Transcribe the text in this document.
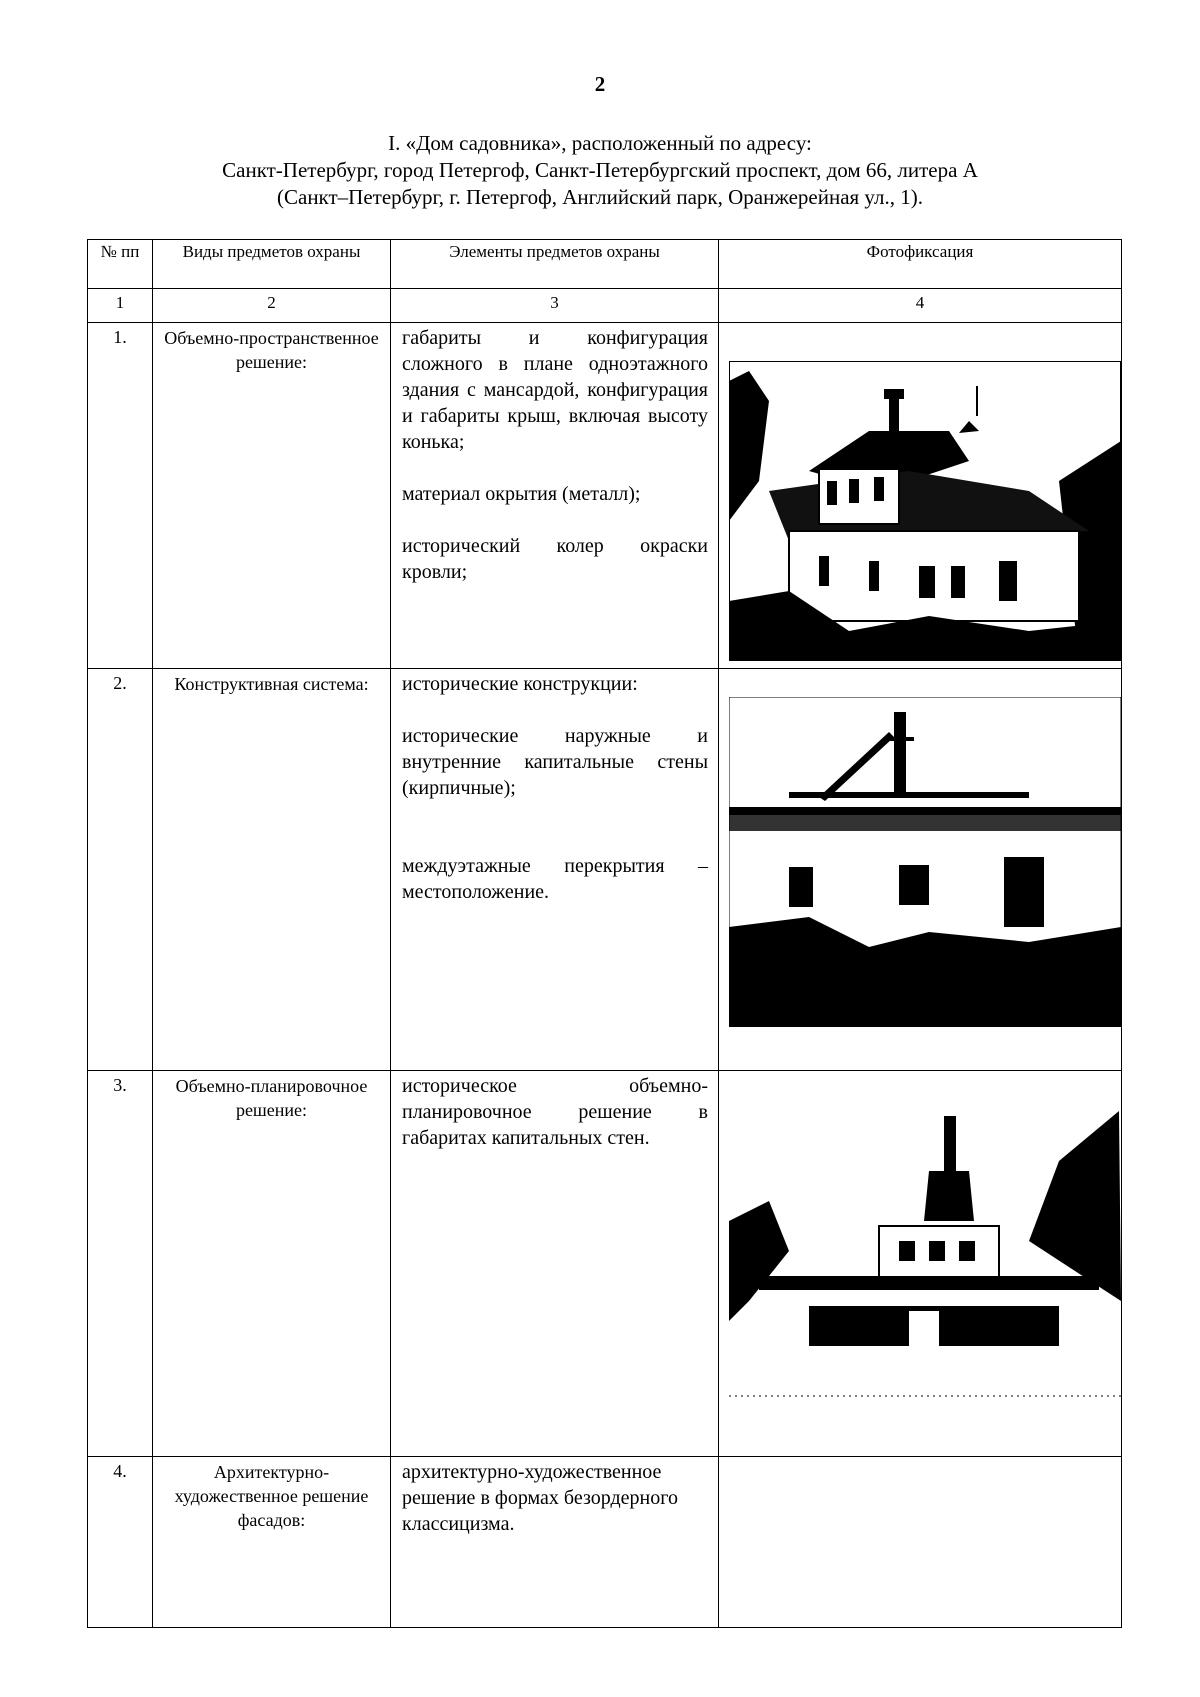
2
I. «Дом садовника», расположенный по адресу:
Санкт-Петербург, город Петергоф, Санкт-Петербургский проспект, дом 66, литера А
(Санкт–Петербург, г. Петергоф, Английский парк, Оранжерейная ул., 1).
№ пп	Виды предметов охраны	Элементы предметов охраны	Фотофиксация
1	2	3	4
1.	Объемно-пространственное решение:	габариты и конфигурация сложного в плане одноэтажного здания с мансардой, конфигурация и габариты крыш, включая высоту конька;

материал окрытия (металл);

исторический колер окраски кровли;

2.	Конструктивная система:	исторические конструкции:

исторические наружные и внутренние капитальные стены (кирпичные);

междуэтажные перекрытия – местоположение.

3.	Объемно-планировочное решение:	историческое объемно-планировочное решение в габаритах капитальных стен.

4.	Архитектурно-художественное решение фасадов:	архитектурно-художественное решение в формах безордерного классицизма.	
